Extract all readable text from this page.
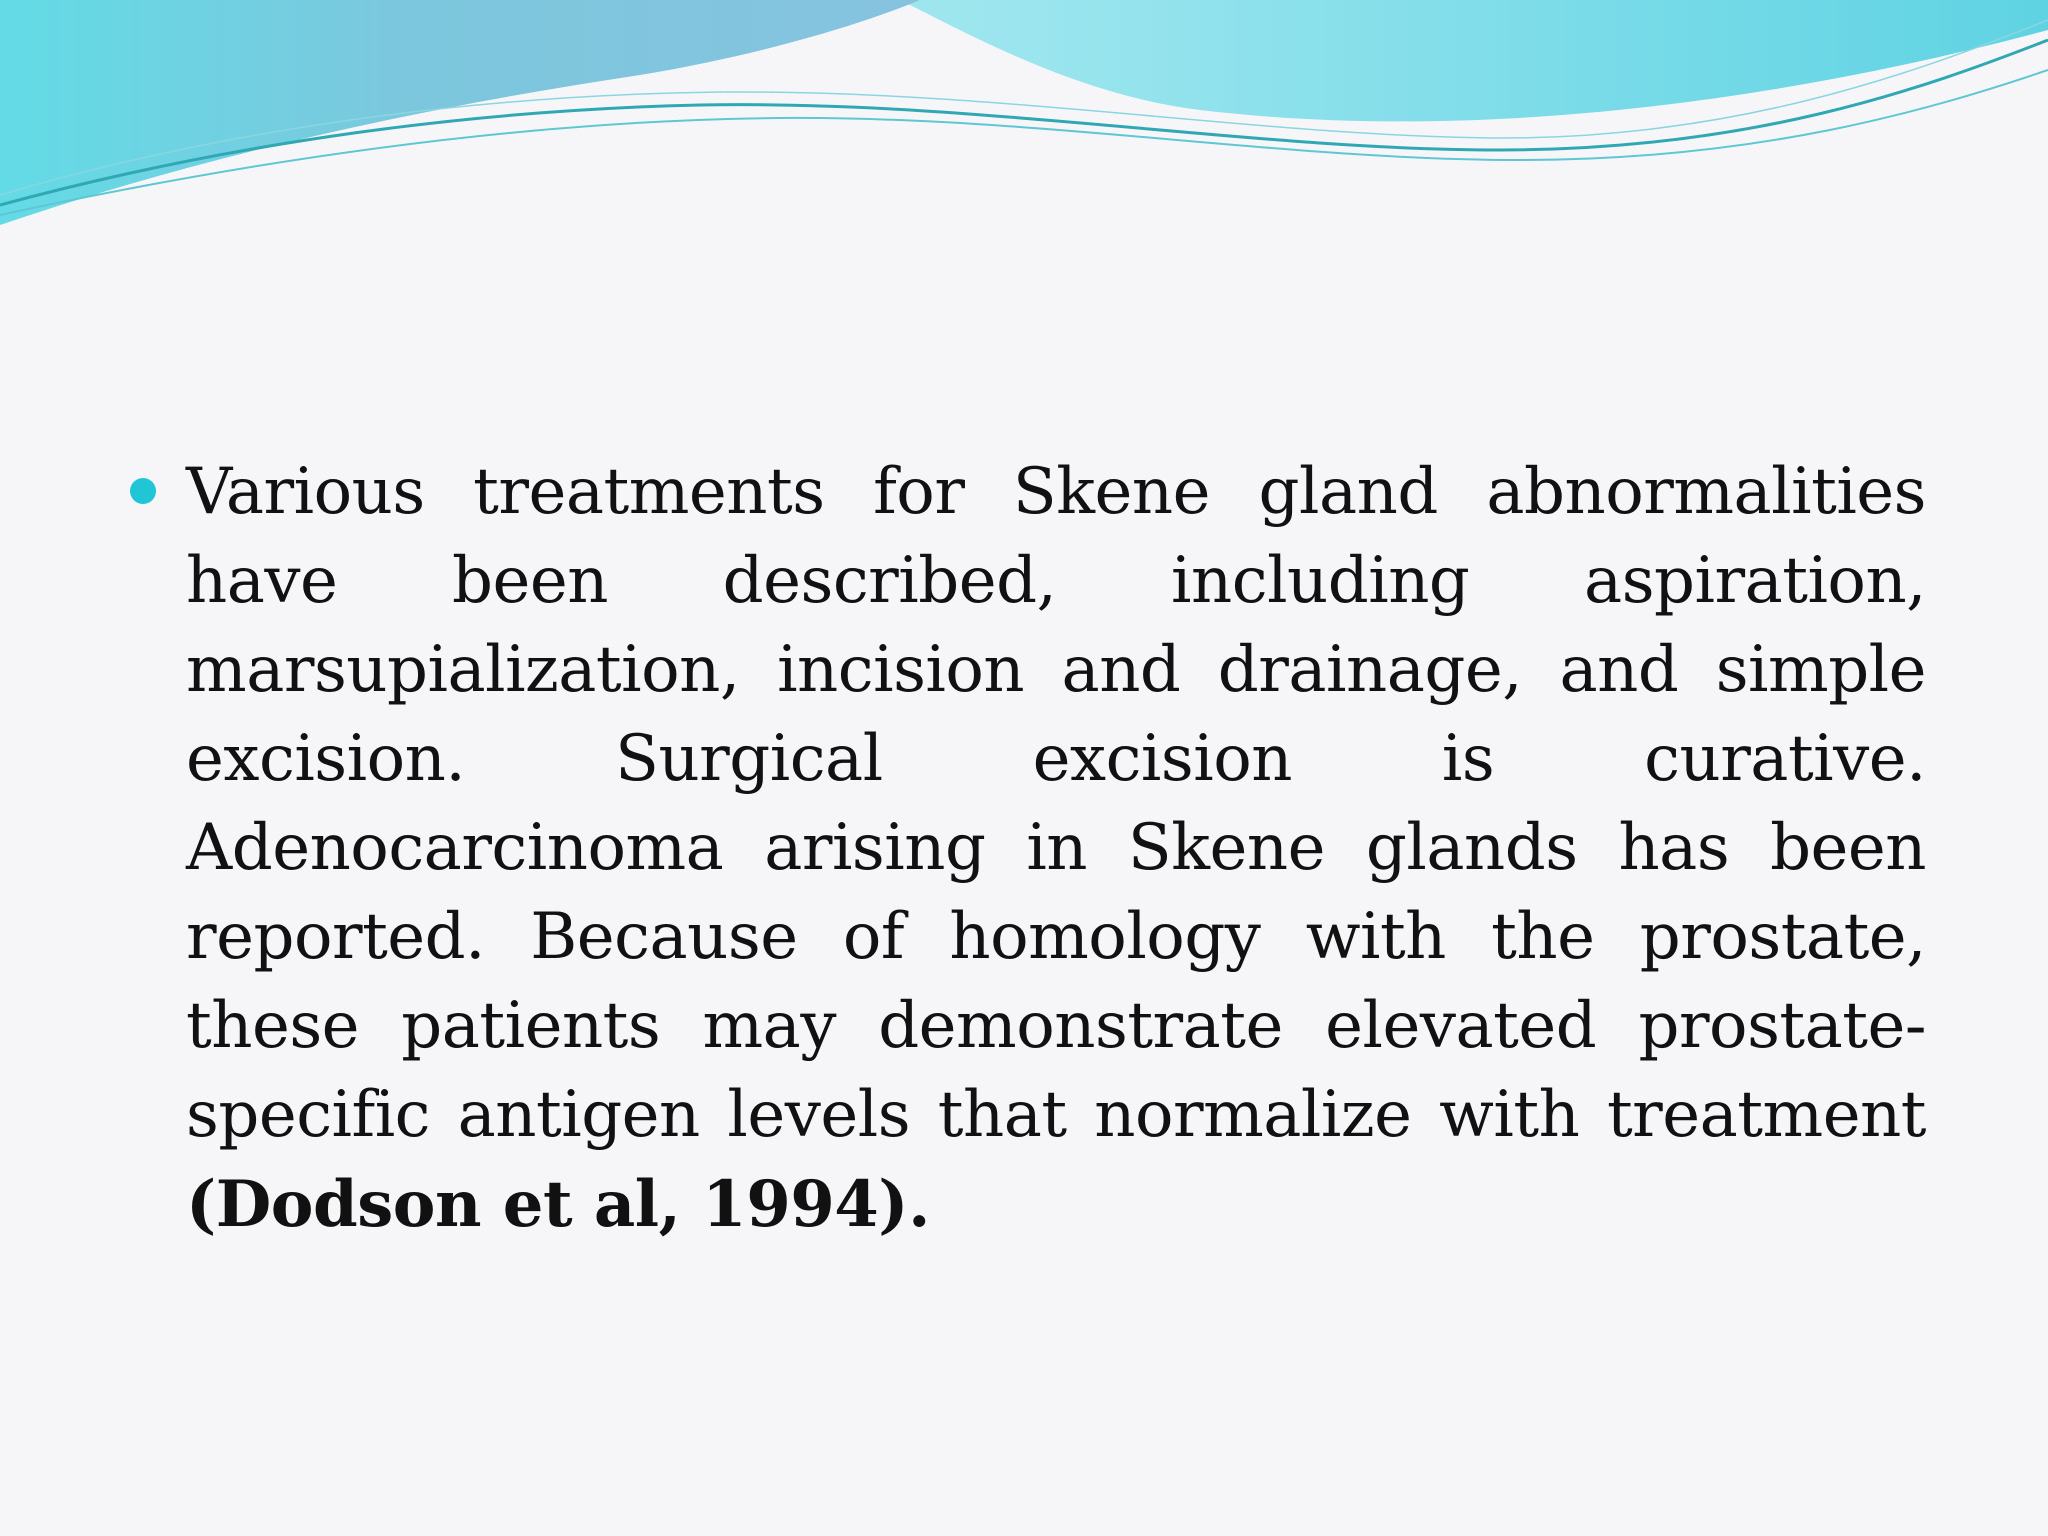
Various treatments for Skene gland abnormalities have been described, including aspiration, marsupialization, incision and drainage, and simple excision. Surgical excision is curative. Adenocarcinoma arising in Skene glands has been reported. Because of homology with the prostate, these patients may demonstrate elevated prostate-specific antigen levels that normalize with treatment (Dodson et al, 1994).
